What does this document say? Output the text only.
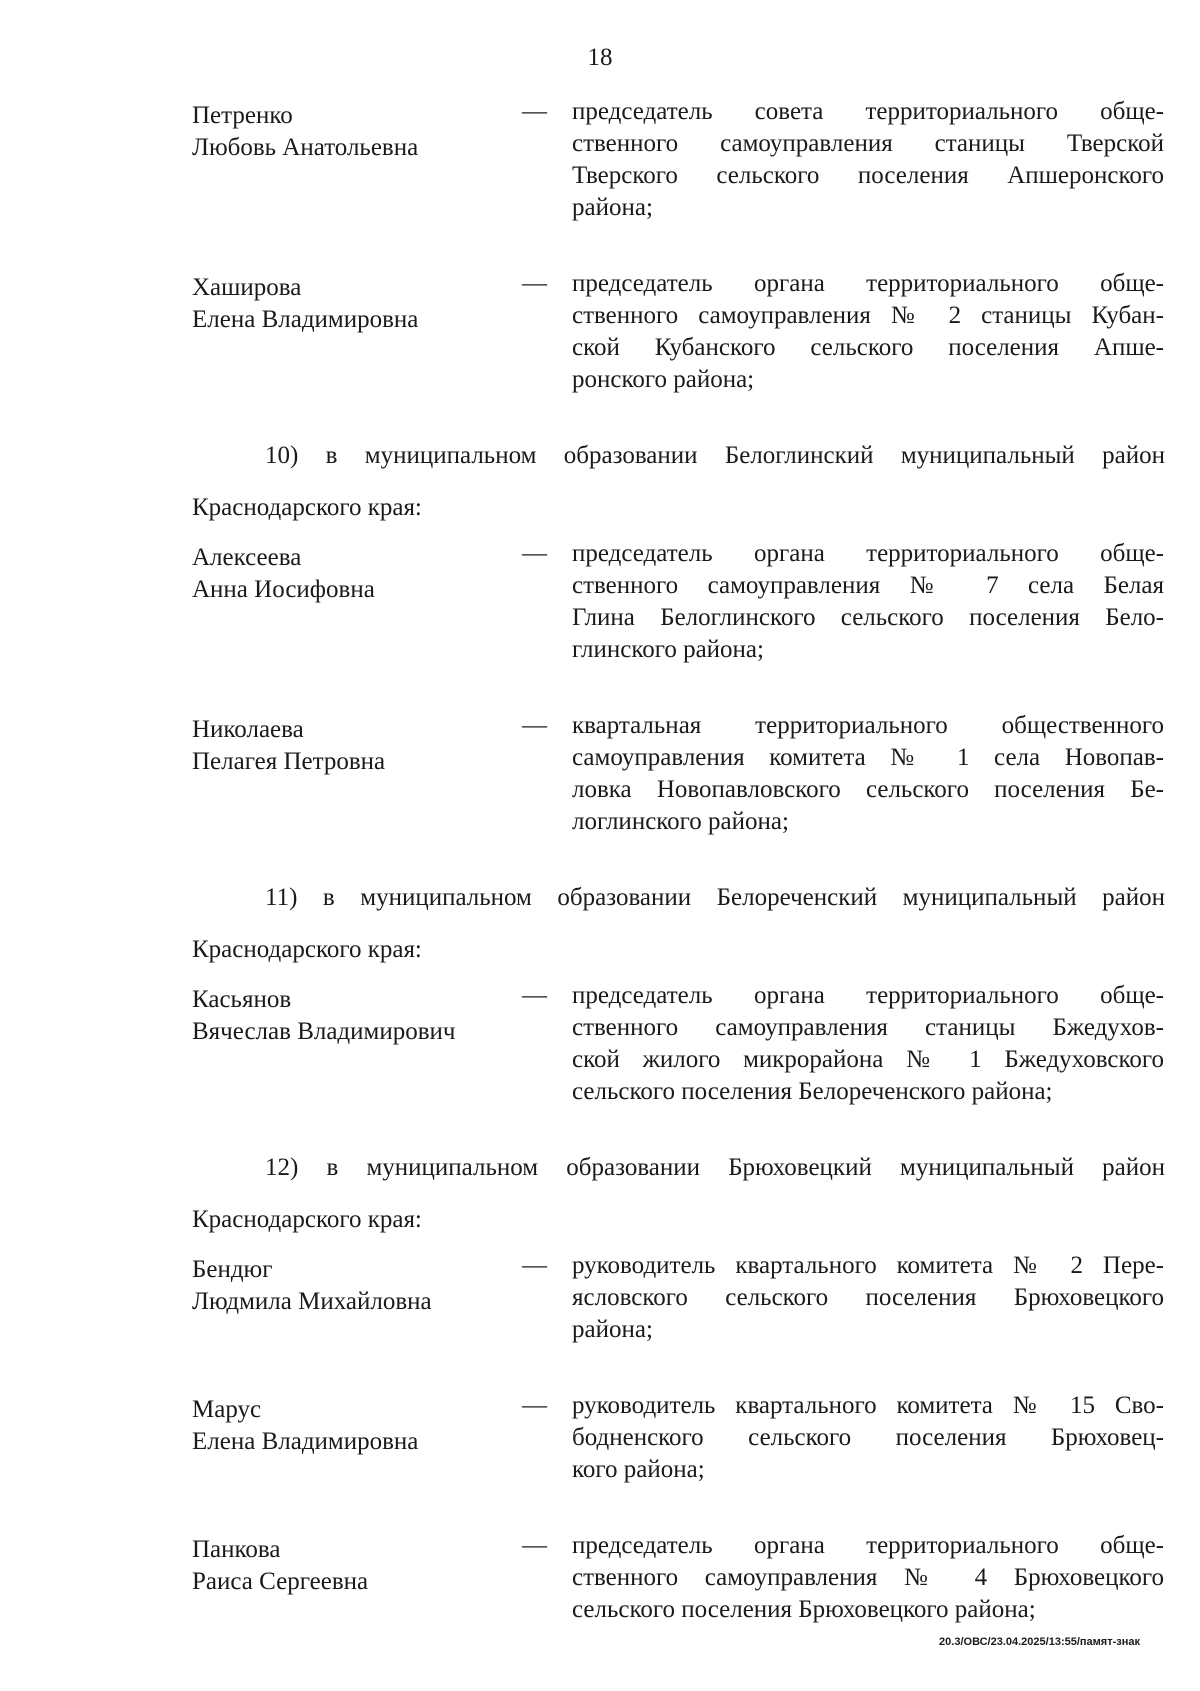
18
Петренко
Любовь Анатольевна
—	председатель совета территориального обще-
ственного самоуправления станицы Тверской
Тверского сельского поселения Апшеронского
района;
Хаширова
Елена Владимировна
—	председатель органа территориального обще-
ственного самоуправления № 2 станицы Кубан-
ской Кубанского сельского поселения Апше-
ронского района;
10) в муниципальном образовании Белоглинский муниципальный район
Краснодарского края:
Алексеева
Анна Иосифовна
—	председатель органа территориального обще-
ственного самоуправления № 7 села Белая
Глина Белоглинского сельского поселения Бело-
глинского района;
Николаева
Пелагея Петровна
—	квартальная территориального общественного
самоуправления комитета № 1 села Новопав-
ловка Новопавловского сельского поселения Бе-
логлинского района;
11) в муниципальном образовании Белореченский муниципальный район
Краснодарского края:
Касьянов
Вячеслав Владимирович
—	председатель органа территориального обще-
ственного самоуправления станицы Бжедухов-
ской жилого микрорайона № 1 Бжедуховского
сельского поселения Белореченского района;
12) в муниципальном образовании Брюховецкий муниципальный район
Краснодарского края:
Бендюг
Людмила Михайловна
—	руководитель квартального комитета № 2 Пере-
ясловского сельского поселения Брюховецкого
района;
Марус
Елена Владимировна
—	руководитель квартального комитета № 15 Сво-
бодненского сельского поселения Брюховец-
кого района;
Панкова
Раиса Сергеевна
—	председатель органа территориального обще-
ственного самоуправления № 4 Брюховецкого
сельского поселения Брюховецкого района;
20.3/ОВС/23.04.2025/13:55/памят-знак
